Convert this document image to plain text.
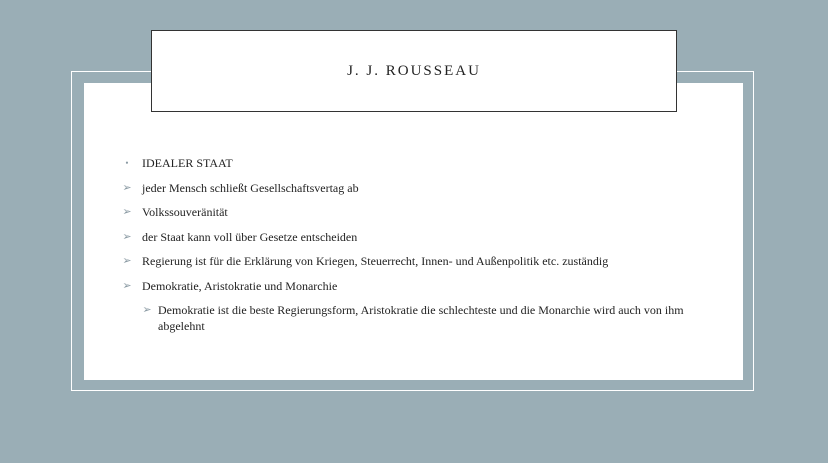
J. J. ROUSSEAU
•	IDEALER STAAT
➢ jeder Mensch schließt Gesellschaftsvertag ab
➢ Volkssouveränität
➢ der Staat kann voll über Gesetze entscheiden
➢ Regierung ist für die Erklärung von Kriegen, Steuerrecht, Innen- und Außenpolitik etc. zuständig
➢ Demokratie, Aristokratie und Monarchie
➢ Demokratie ist die beste Regierungsform, Aristokratie die schlechteste und die Monarchie wird auch von ihm abgelehnt
